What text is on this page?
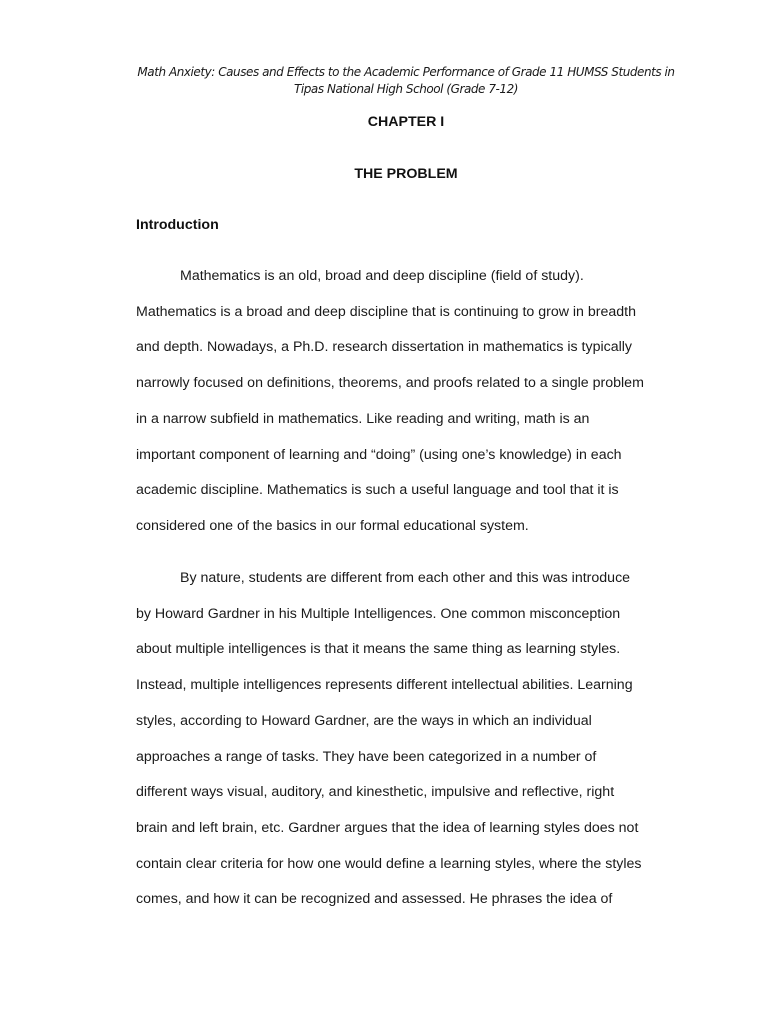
Math Anxiety: Causes and Effects to the Academic Performance of Grade 11 HUMSS Students in
Tipas National High School (Grade 7-12)
CHAPTER I
THE PROBLEM
Introduction
Mathematics is an old, broad and deep discipline (field of study).
Mathematics is a broad and deep discipline that is continuing to grow in breadth
and depth. Nowadays, a Ph.D. research dissertation in mathematics is typically
narrowly focused on definitions, theorems, and proofs related to a single problem
in a narrow subfield in mathematics. Like reading and writing, math is an
important component of learning and “doing” (using one’s knowledge) in each
academic discipline. Mathematics is such a useful language and tool that it is
considered one of the basics in our formal educational system.
By nature, students are different from each other and this was introduce
by Howard Gardner in his Multiple Intelligences. One common misconception
about multiple intelligences is that it means the same thing as learning styles.
Instead, multiple intelligences represents different intellectual abilities. Learning
styles, according to Howard Gardner, are the ways in which an individual
approaches a range of tasks. They have been categorized in a number of
different ways visual, auditory, and kinesthetic, impulsive and reflective, right
brain and left brain, etc. Gardner argues that the idea of learning styles does not
contain clear criteria for how one would define a learning styles, where the styles
comes, and how it can be recognized and assessed. He phrases the idea of
